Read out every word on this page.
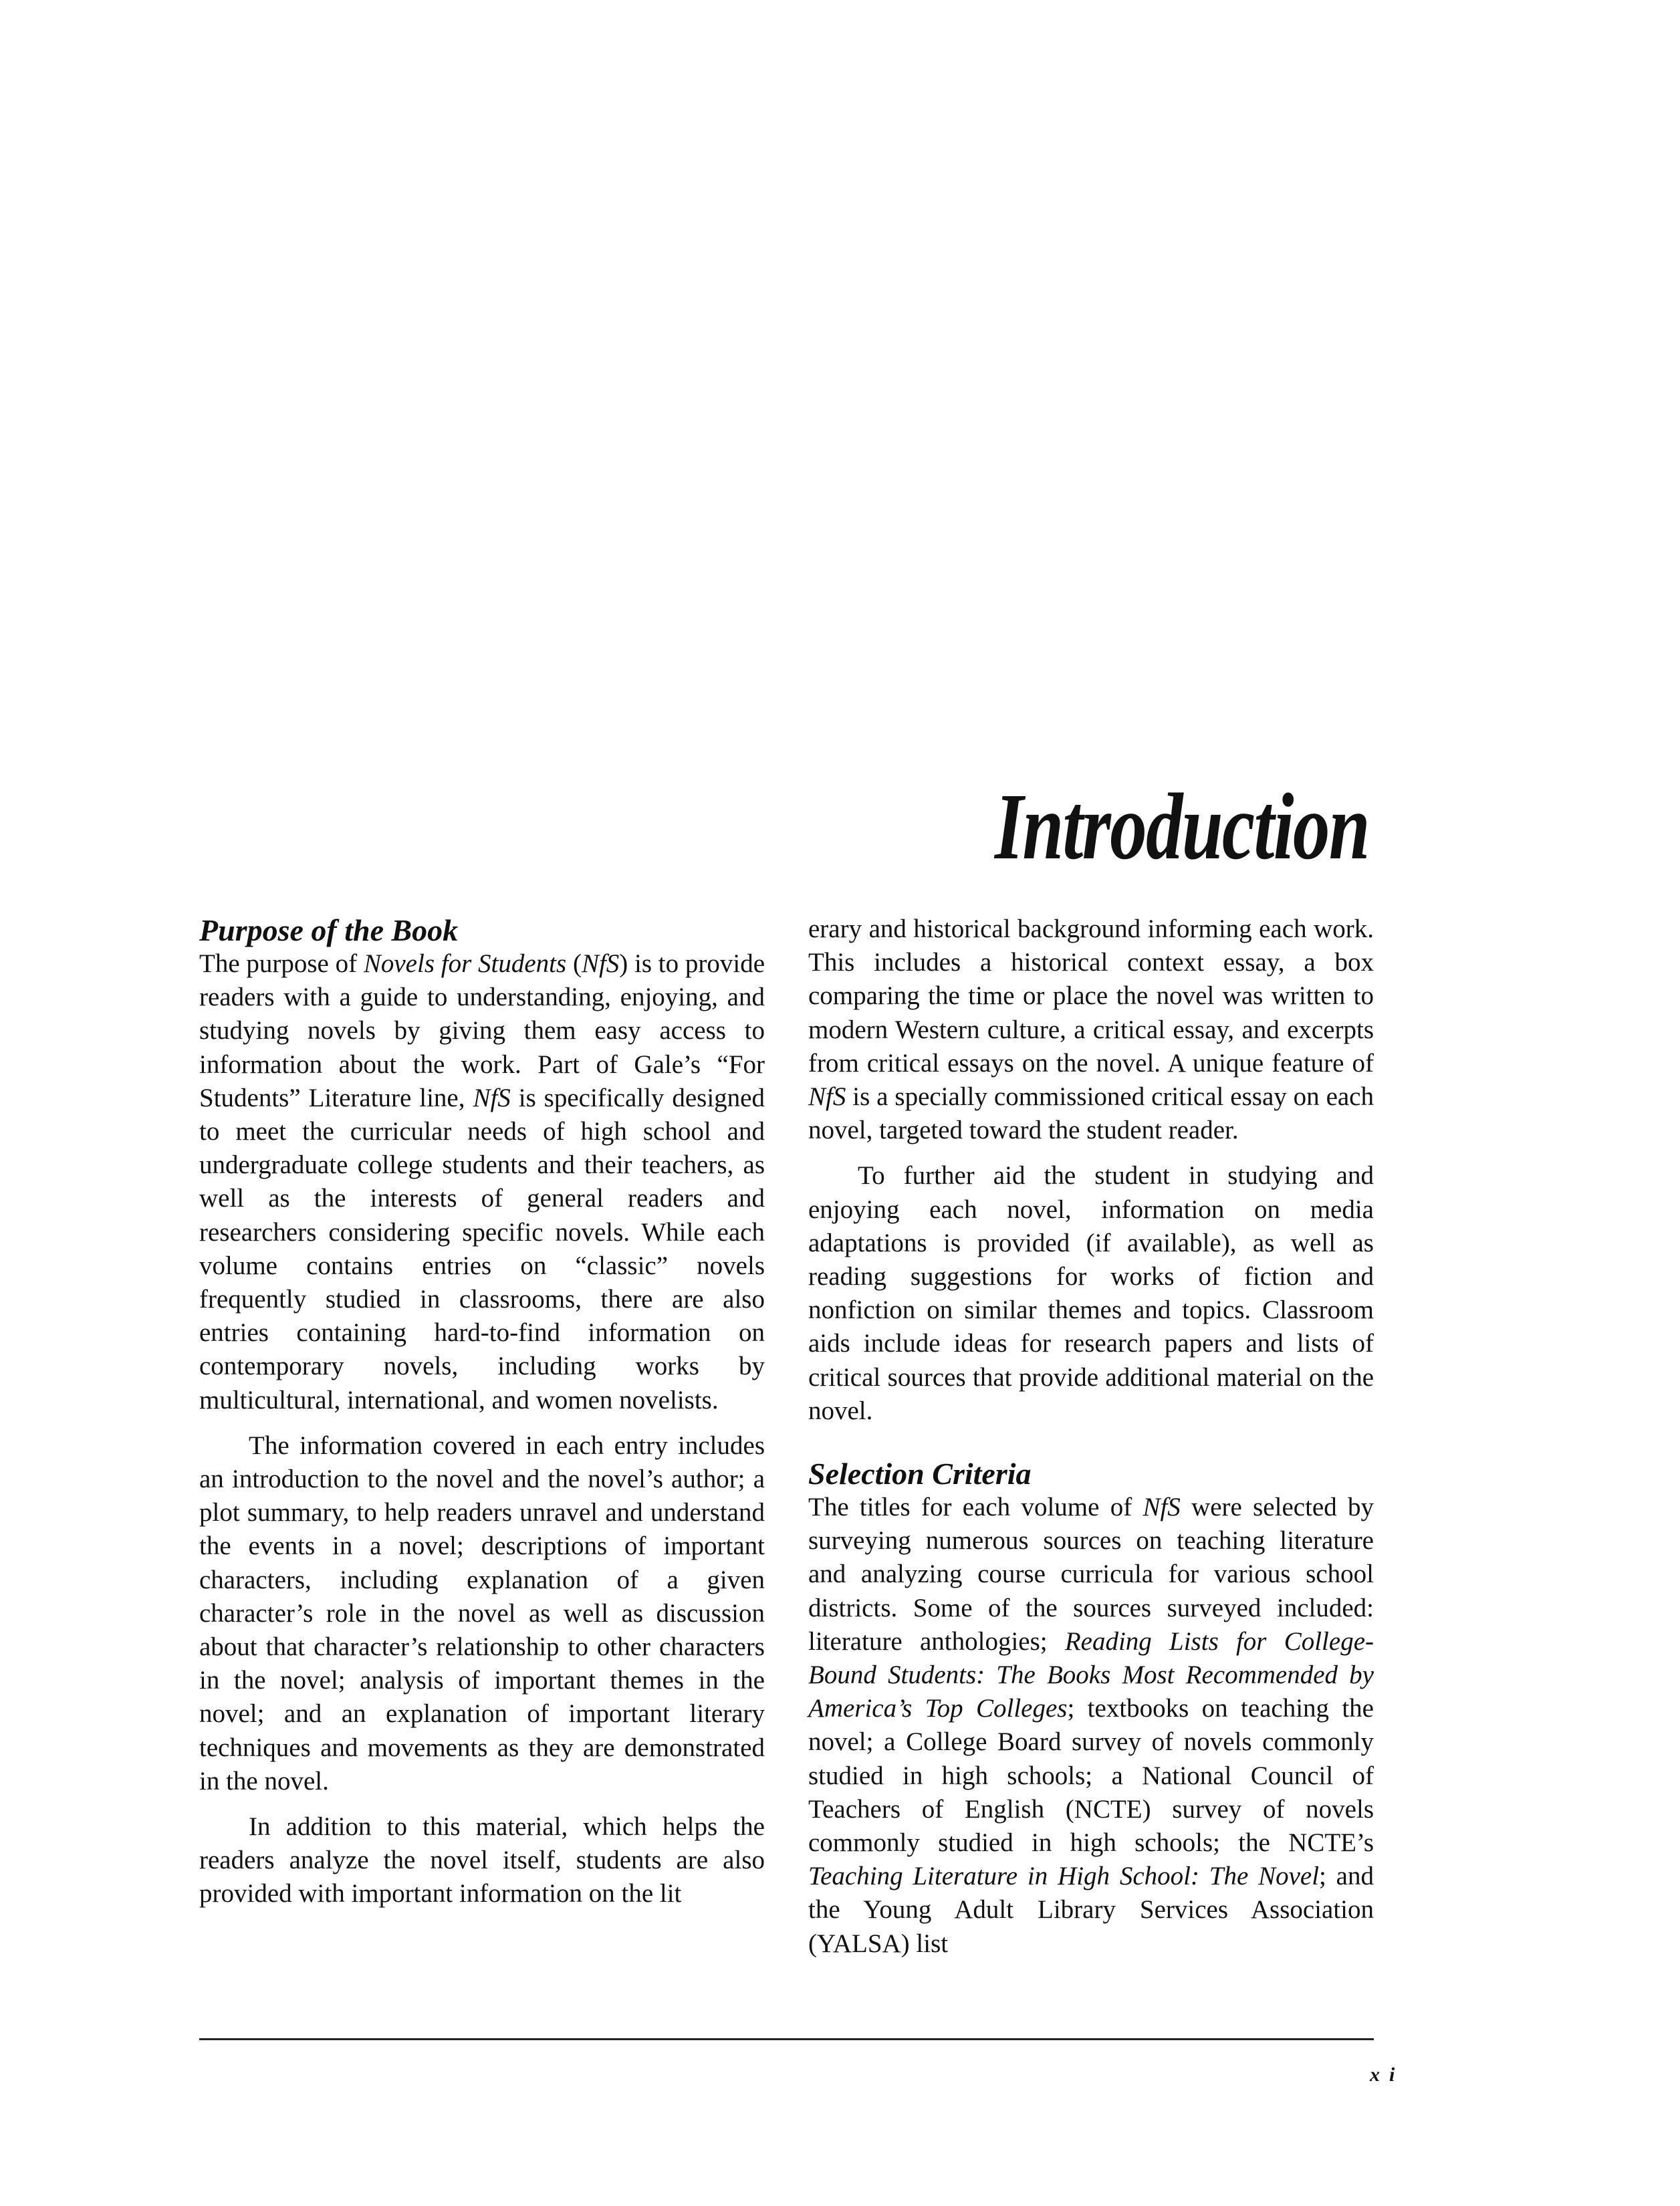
Introduction
Purpose of the Book

The purpose of Novels for Students (NfS) is to provide readers with a guide to understanding, enjoying, and studying novels by giving them easy access to information about the work. Part of Gale’s “For Students” Literature line, NfS is specifically designed to meet the curricular needs of high school and undergraduate college students and their teachers, as well as the interests of general readers and researchers considering specific novels. While each volume contains entries on “classic” novels frequently studied in classrooms, there are also entries containing hard-to-find information on contemporary novels, including works by multicultural, international, and women novelists.

The information covered in each entry includes an introduction to the novel and the novel’s author; a plot summary, to help readers unravel and understand the events in a novel; descriptions of important characters, including explanation of a given character’s role in the novel as well as discussion about that character’s relationship to other characters in the novel; analysis of important themes in the novel; and an explanation of important literary techniques and movements as they are demonstrated in the novel.

In addition to this material, which helps the readers analyze the novel itself, students are also provided with important information on the lit

erary and historical background informing each work. This includes a historical context essay, a box comparing the time or place the novel was written to modern Western culture, a critical essay, and excerpts from critical essays on the novel. A unique feature of NfS is a specially commissioned critical essay on each novel, targeted toward the student reader.

To further aid the student in studying and enjoying each novel, information on media adaptations is provided (if available), as well as reading suggestions for works of fiction and nonfiction on similar themes and topics. Classroom aids include ideas for research papers and lists of critical sources that provide additional material on the novel.

Selection Criteria

The titles for each volume of NfS were selected by surveying numerous sources on teaching literature and analyzing course curricula for various school districts. Some of the sources surveyed included: literature anthologies; Reading Lists for College-Bound Students: The Books Most Recommended by America’s Top Colleges; textbooks on teaching the novel; a College Board survey of novels commonly studied in high schools; a National Council of Teachers of English (NCTE) survey of novels commonly studied in high schools; the NCTE’s Teaching Literature in High School: The Novel; and the Young Adult Library Services Association (YALSA) list

xi
